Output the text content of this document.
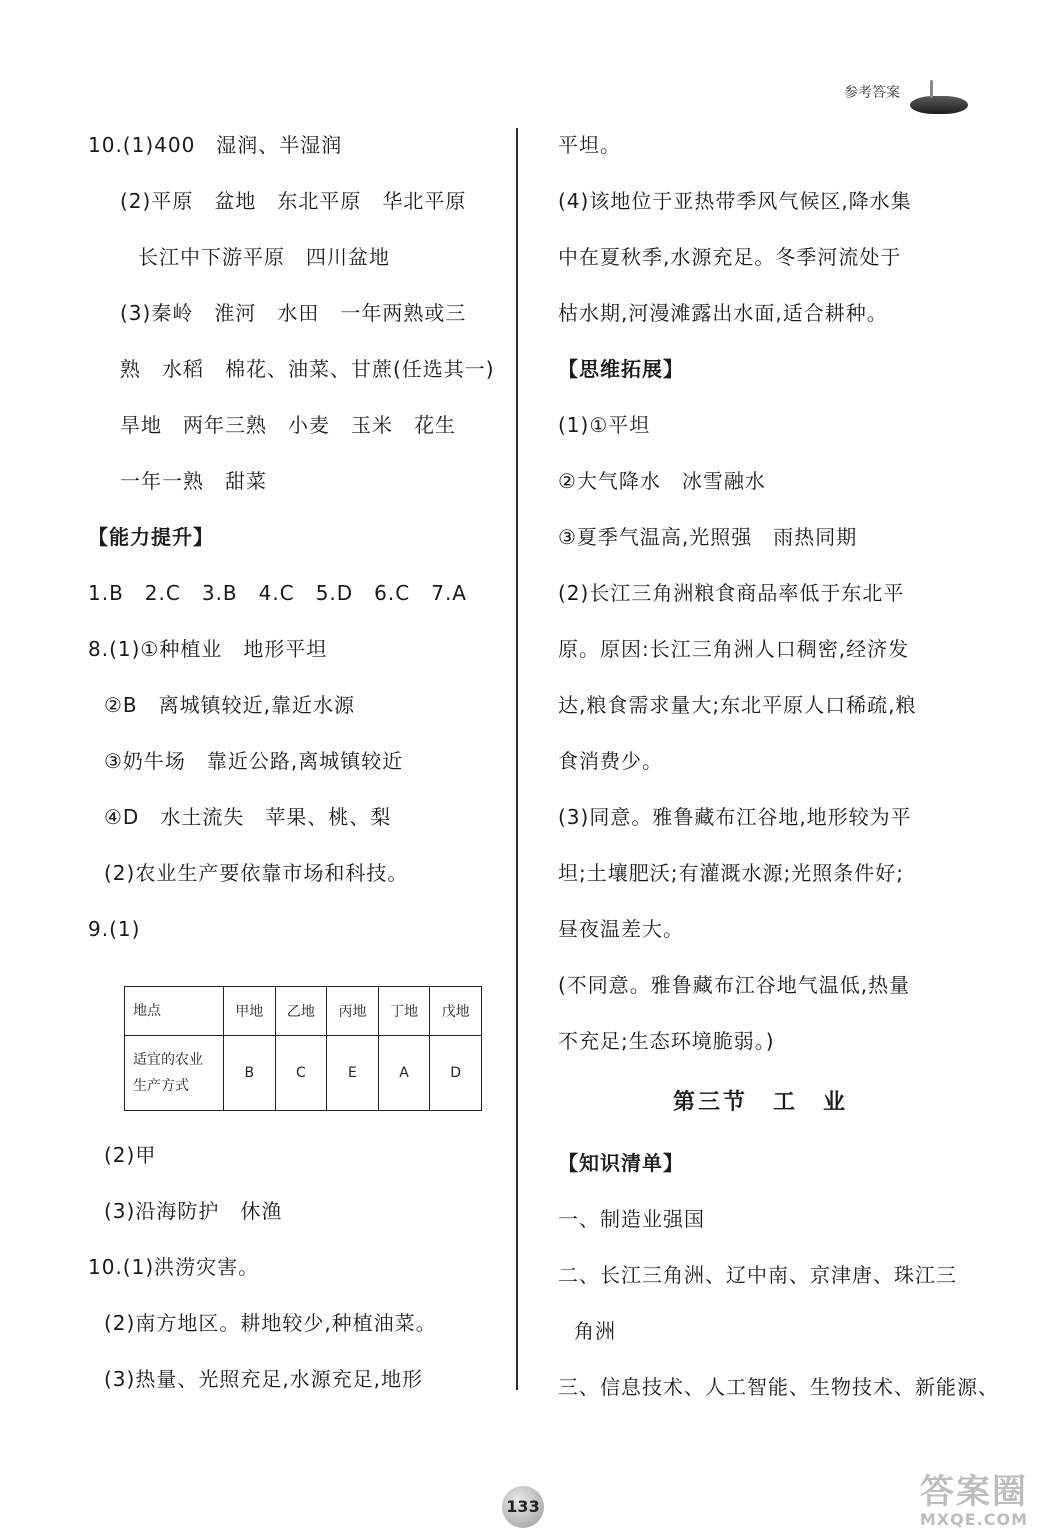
参考答案
10.(1)400　湿润、半湿润
(2)平原　盆地　东北平原　华北平原
长江中下游平原　四川盆地
(3)秦岭　淮河　水田　一年两熟或三
熟　水稻　棉花、油菜、甘蔗(任选其一)
旱地　两年三熟　小麦　玉米　花生
一年一熟　甜菜
【能力提升】
1.B　2.C　3.B　4.C　5.D　6.C　7.A
8.(1)①种植业　地形平坦
②B　离城镇较近,靠近水源
③奶牛场　靠近公路,离城镇较近
④D　水土流失　苹果、桃、梨
(2)农业生产要依靠市场和科技。
9.(1)
(2)甲
(3)沿海防护　休渔
10.(1)洪涝灾害。
(2)南方地区。耕地较少,种植油菜。
(3)热量、光照充足,水源充足,地形
地点	甲地	乙地	丙地	丁地	戊地

适宜的农业
生产方式	B	C	E	A	D
平坦。
(4)该地位于亚热带季风气候区,降水集
中在夏秋季,水源充足。冬季河流处于
枯水期,河漫滩露出水面,适合耕种。
【思维拓展】
(1)①平坦
②大气降水　冰雪融水
③夏季气温高,光照强　雨热同期
(2)长江三角洲粮食商品率低于东北平
原。原因:长江三角洲人口稠密,经济发
达,粮食需求量大;东北平原人口稀疏,粮
食消费少。
(3)同意。雅鲁藏布江谷地,地形较为平
坦;土壤肥沃;有灌溉水源;光照条件好;
昼夜温差大。
(不同意。雅鲁藏布江谷地气温低,热量
不充足;生态环境脆弱。)
第三节　工　业
【知识清单】
一、制造业强国
二、长江三角洲、辽中南、京津唐、珠江三
角洲
三、信息技术、人工智能、生物技术、新能源、
133	答案圈
MXQE.COM
